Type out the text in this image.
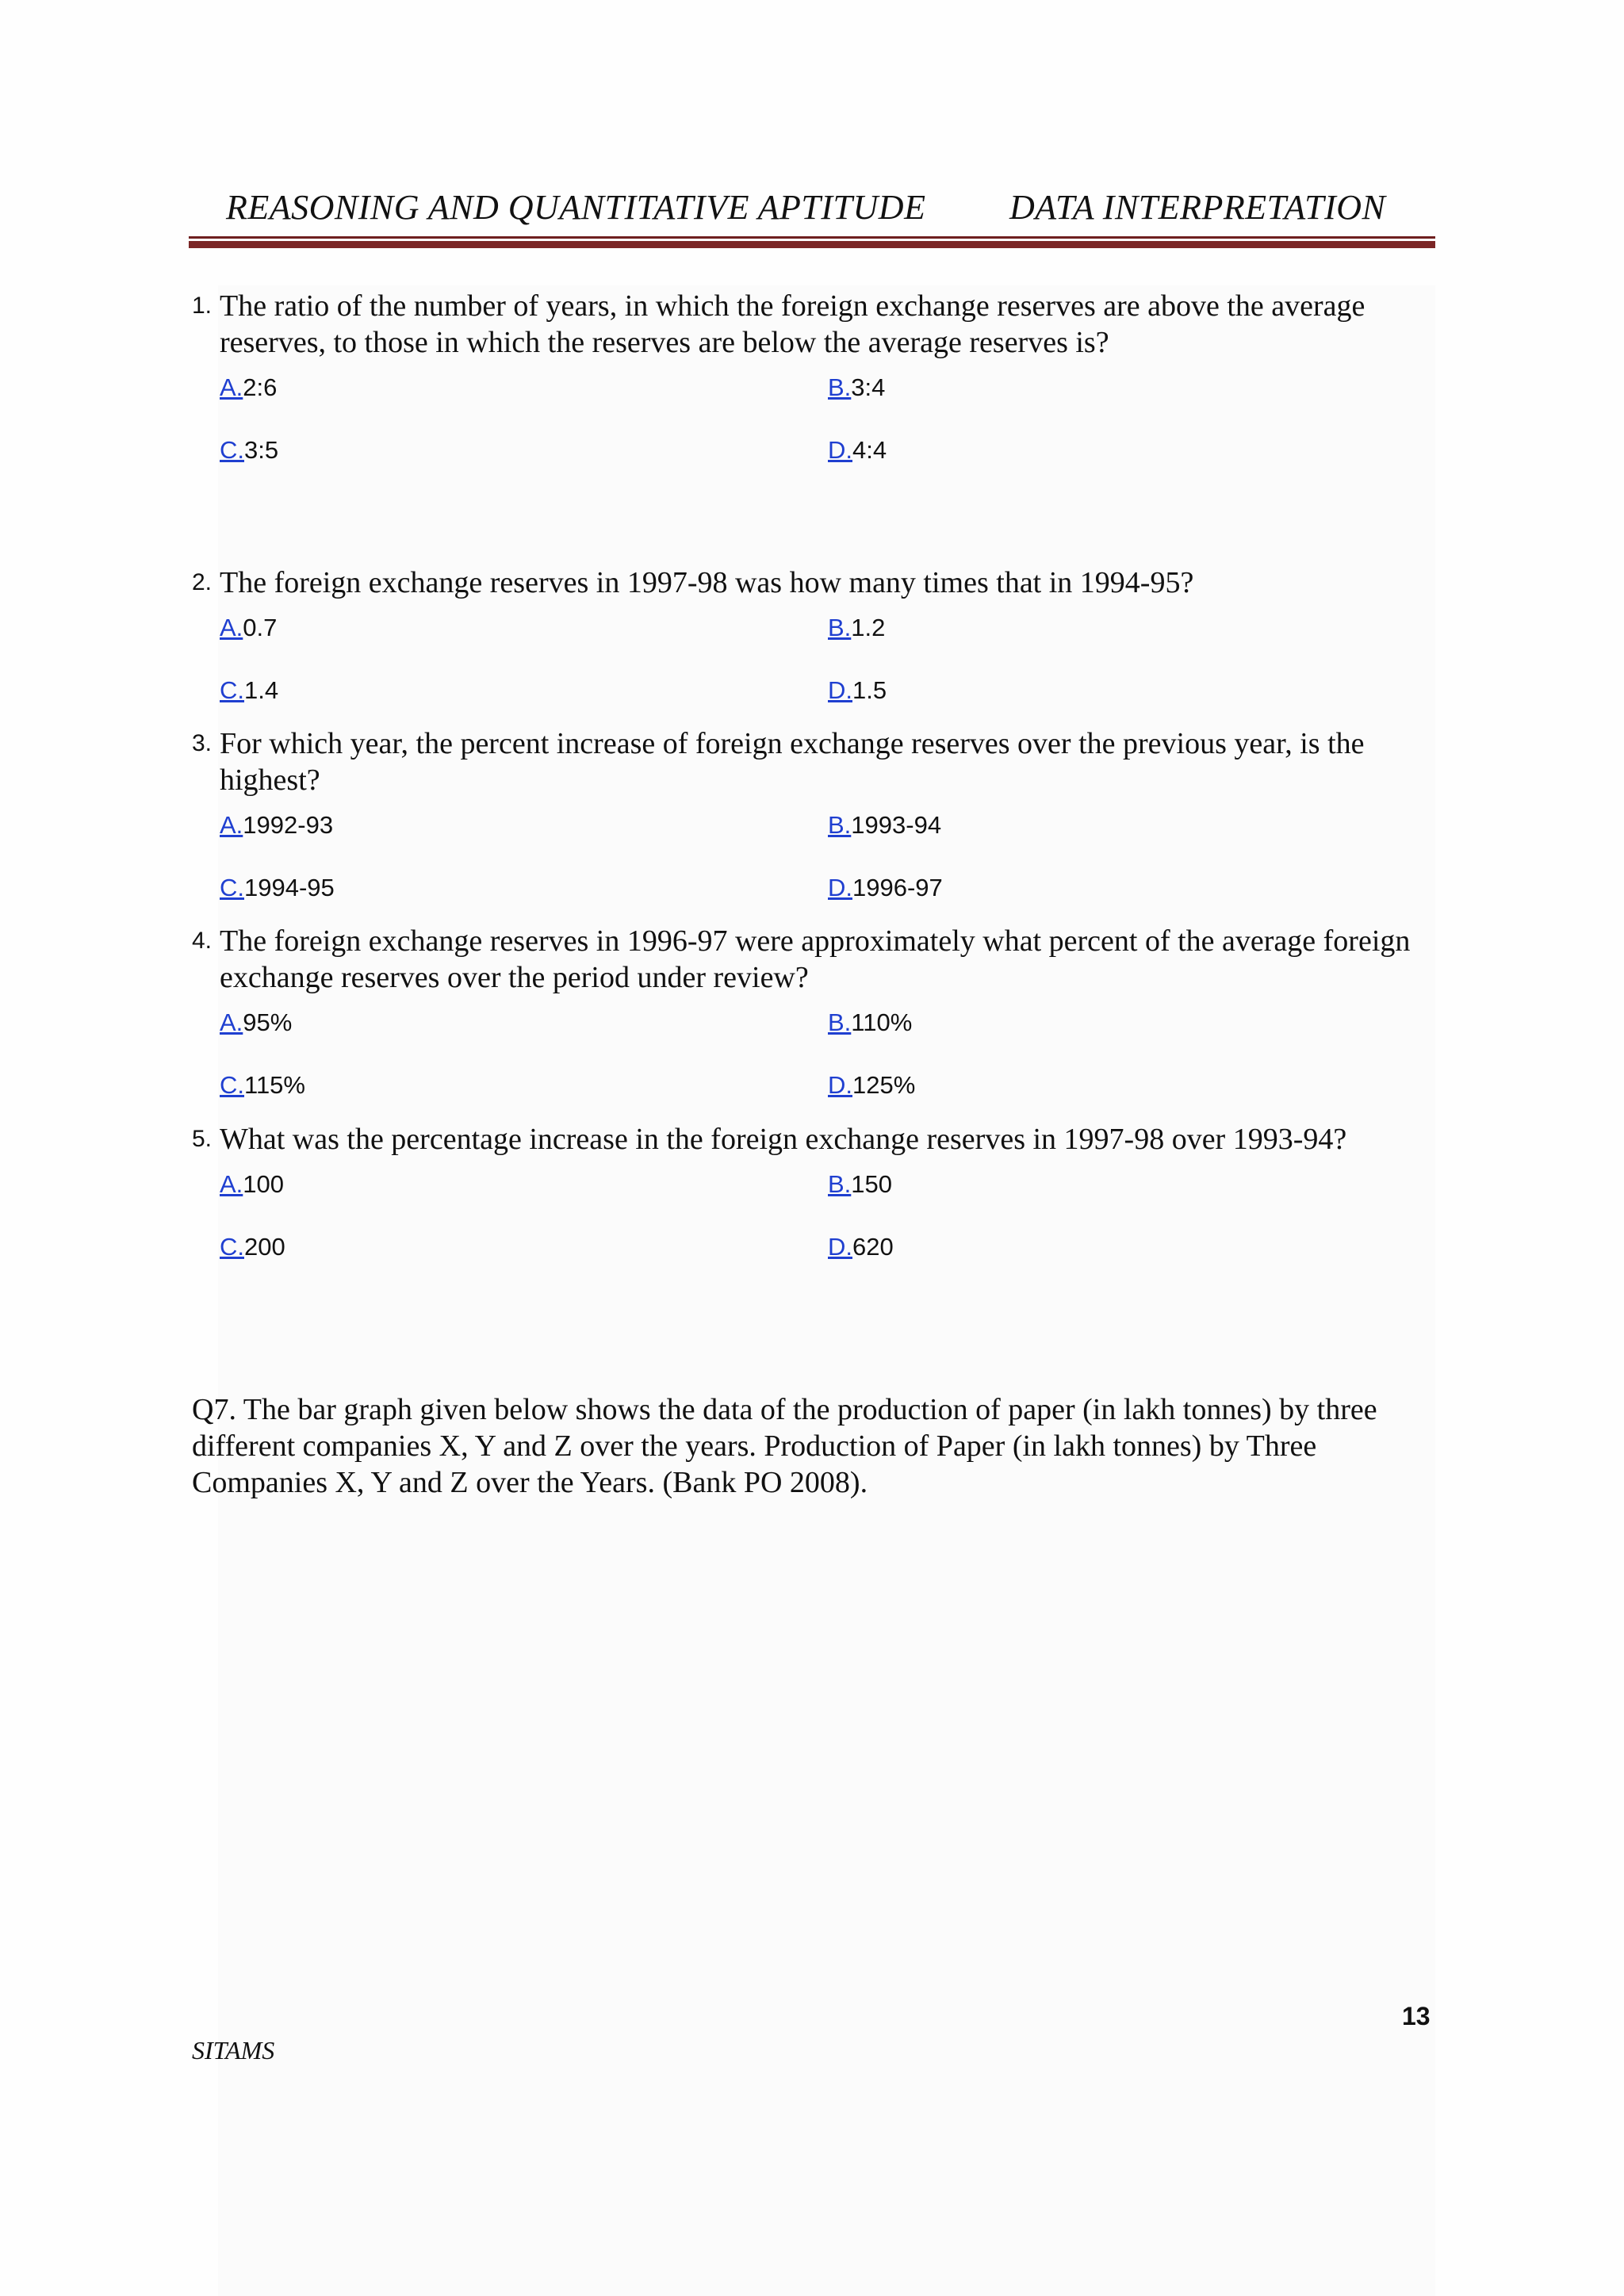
REASONING AND QUANTITATIVE APTITUDE DATA INTERPRETATION
1. The ratio of the number of years, in which the foreign exchange reserves are above the average reserves, to those in which the reserves are below the average reserves is?
A.2:6	B.3:4
C.3:5	D.4:4
2. The foreign exchange reserves in 1997-98 was how many times that in 1994-95?
A.0.7	B.1.2
C.1.4	D.1.5
3. For which year, the percent increase of foreign exchange reserves over the previous year, is the highest?
A.1992-93	B.1993-94
C.1994-95	D.1996-97
4. The foreign exchange reserves in 1996-97 were approximately what percent of the average foreign exchange reserves over the period under review?
A.95%	B.110%
C.115%	D.125%
5. What was the percentage increase in the foreign exchange reserves in 1997-98 over 1993-94?
A.100	B.150
C.200	D.620
Q7. The bar graph given below shows the data of the production of paper (in lakh tonnes) by three different companies X, Y and Z over the years. Production of Paper (in lakh tonnes) by Three Companies X, Y and Z over the Years. (Bank PO 2008).
13
SITAMS
